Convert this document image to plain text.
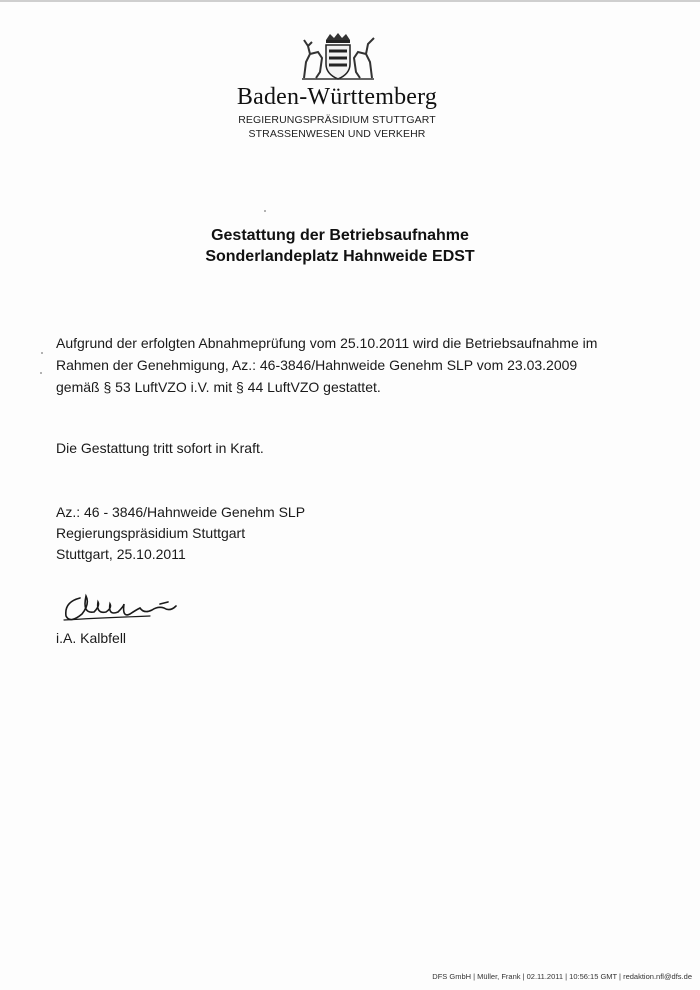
Baden-Württemberg
REGIERUNGSPRÄSIDIUM STUTTGART
STRASSENWESEN UND VERKEHR
Gestattung der Betriebsaufnahme
Sonderlandeplatz Hahnweide EDST
Aufgrund der erfolgten Abnahmeprüfung vom 25.10.2011 wird die Betriebsaufnahme im Rahmen der Genehmigung, Az.: 46-3846/Hahnweide Genehm SLP vom 23.03.2009 gemäß § 53 LuftVZO i.V. mit § 44 LuftVZO gestattet.
Die Gestattung tritt sofort in Kraft.
Az.: 46 - 3846/Hahnweide Genehm SLP
Regierungspräsidium Stuttgart
Stuttgart, 25.10.2011
i.A. Kalbfell
DFS GmbH | Müller, Frank | 02.11.2011 | 10:56:15 GMT | redaktion.nfl@dfs.de
